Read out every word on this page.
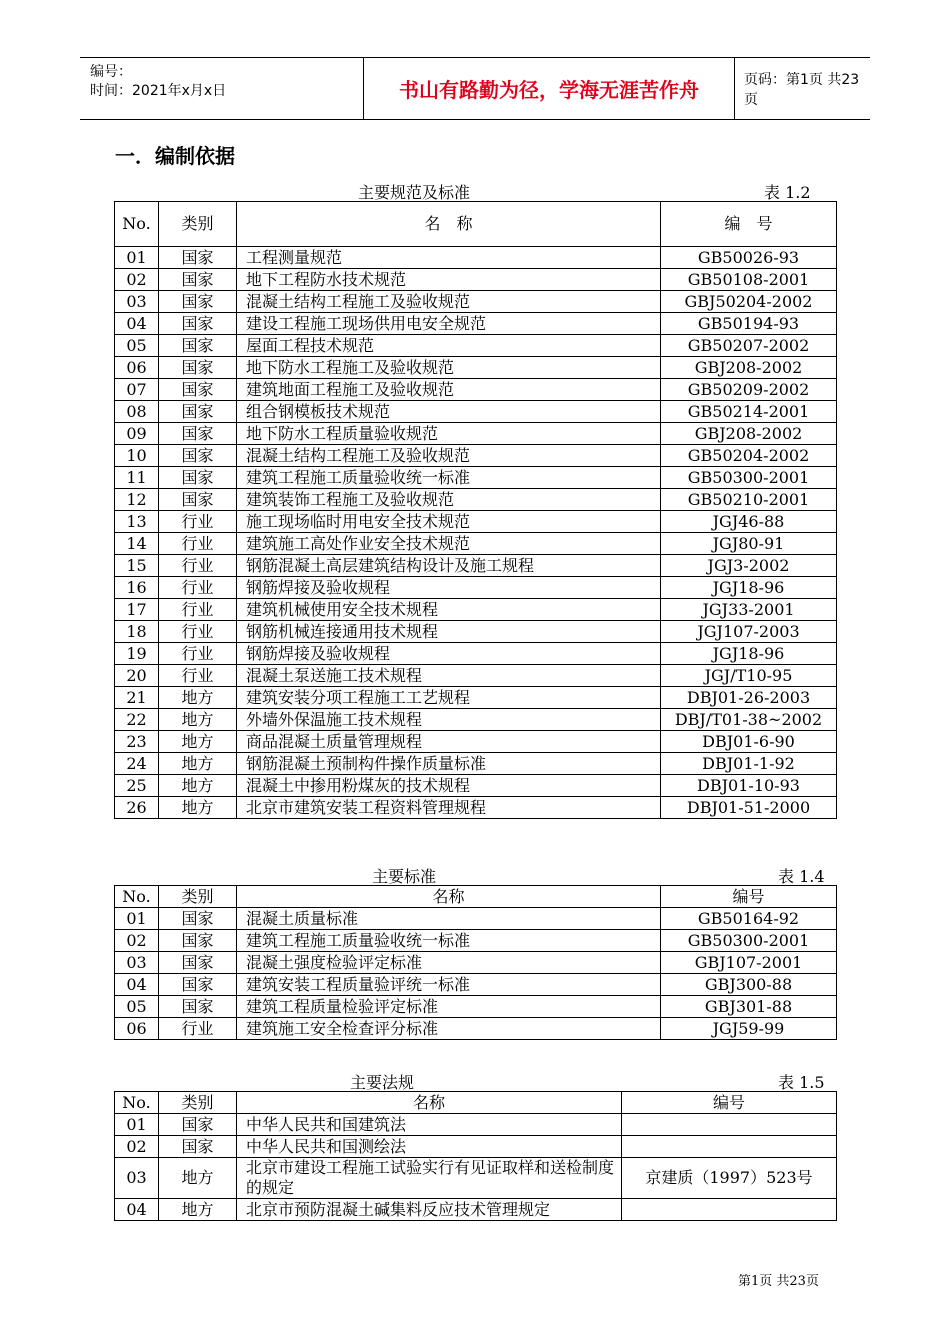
编号：
时间：2021年x月x日	书山有路勤为径，学海无涯苦作舟	页码：第1页 共23页
一．编制依据
主要规范及标准	表 1.2
No.	类别	名　称	编　号
01	国家	工程测量规范	GB50026-93
02	国家	地下工程防水技术规范	GB50108-2001
03	国家	混凝土结构工程施工及验收规范	GBJ50204-2002
04	国家	建设工程施工现场供用电安全规范	GB50194-93
05	国家	屋面工程技术规范	GB50207-2002
06	国家	地下防水工程施工及验收规范	GBJ208-2002
07	国家	建筑地面工程施工及验收规范	GB50209-2002
08	国家	组合钢模板技术规范	GB50214-2001
09	国家	地下防水工程质量验收规范	GBJ208-2002
10	国家	混凝土结构工程施工及验收规范	GB50204-2002
11	国家	建筑工程施工质量验收统一标准	GB50300-2001
12	国家	建筑装饰工程施工及验收规范	GB50210-2001
13	行业	施工现场临时用电安全技术规范	JGJ46-88
14	行业	建筑施工高处作业安全技术规范	JGJ80-91
15	行业	钢筋混凝土高层建筑结构设计及施工规程	JGJ3-2002
16	行业	钢筋焊接及验收规程	JGJ18-96
17	行业	建筑机械使用安全技术规程	JGJ33-2001
18	行业	钢筋机械连接通用技术规程	JGJ107-2003
19	行业	钢筋焊接及验收规程	JGJ18-96
20	行业	混凝土泵送施工技术规程	JGJ/T10-95
21	地方	建筑安装分项工程施工工艺规程	DBJ01-26-2003
22	地方	外墙外保温施工技术规程	DBJ/T01-38~2002
23	地方	商品混凝土质量管理规程	DBJ01-6-90
24	地方	钢筋混凝土预制构件操作质量标准	DBJ01-1-92
25	地方	混凝土中掺用粉煤灰的技术规程	DBJ01-10-93
26	地方	北京市建筑安装工程资料管理规程	DBJ01-51-2000
主要标准	表 1.4
No.	类别	名称	编号
01	国家	混凝土质量标准	GB50164-92
02	国家	建筑工程施工质量验收统一标准	GB50300-2001
03	国家	混凝土强度检验评定标准	GBJ107-2001
04	国家	建筑安装工程质量验评统一标准	GBJ300-88
05	国家	建筑工程质量检验评定标准	GBJ301-88
06	行业	建筑施工安全检查评分标准	JGJ59-99
主要法规	表 1.5
No.	类别	名称	编号
01	国家	中华人民共和国建筑法	
02	国家	中华人民共和国测绘法	
03	地方	北京市建设工程施工试验实行有见证取样和送检制度的规定	京建质（1997）523号
04	地方	北京市预防混凝土碱集料反应技术管理规定	
第1页 共23页
